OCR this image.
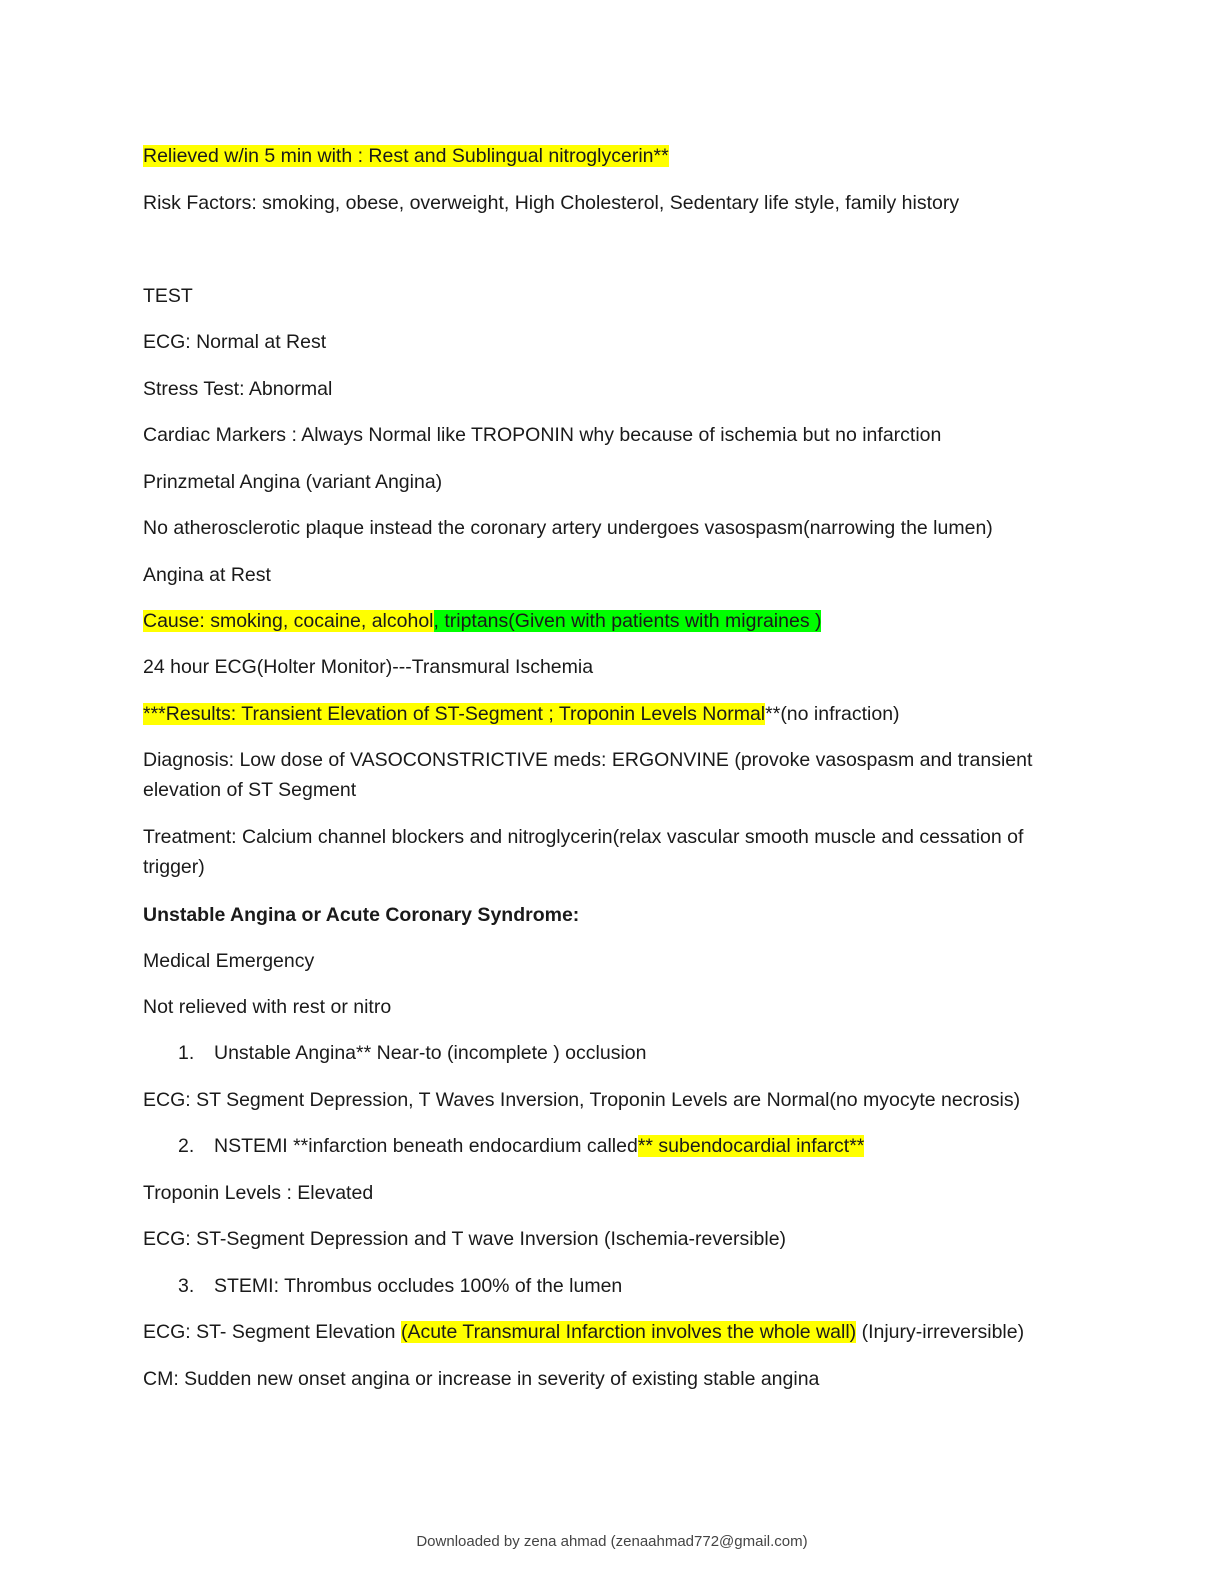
Relieved w/in 5 min with : Rest and Sublingual nitroglycerin**
Risk Factors: smoking, obese, overweight, High Cholesterol, Sedentary life style, family history
TEST
ECG: Normal at Rest
Stress Test: Abnormal
Cardiac Markers : Always Normal like TROPONIN why because of ischemia but no infarction
Prinzmetal Angina (variant Angina)
No atherosclerotic plaque instead the coronary artery undergoes vasospasm(narrowing the lumen)
Angina at Rest
Cause: smoking, cocaine, alcohol, triptans(Given with patients with migraines )
24 hour ECG(Holter Monitor)---Transmural Ischemia
***Results: Transient Elevation of ST-Segment ; Troponin Levels Normal**(no infraction)
Diagnosis: Low dose of VASOCONSTRICTIVE meds: ERGONVINE (provoke vasospasm and transient elevation of ST Segment
Treatment: Calcium channel blockers and nitroglycerin(relax vascular smooth muscle and cessation of trigger)
Unstable Angina or Acute Coronary Syndrome:
Medical Emergency
Not relieved with rest or nitro
1. Unstable Angina** Near-to (incomplete ) occlusion
ECG: ST Segment Depression, T Waves Inversion, Troponin Levels are Normal(no myocyte necrosis)
2. NSTEMI **infarction beneath endocardium called** subendocardial infarct**
Troponin Levels : Elevated
ECG: ST-Segment Depression and T wave Inversion (Ischemia-reversible)
3. STEMI: Thrombus occludes 100% of the lumen
ECG: ST- Segment Elevation (Acute Transmural Infarction involves the whole wall) (Injury-irreversible)
CM: Sudden new onset angina or increase in severity of existing stable angina
Downloaded by zena ahmad (zenaahmad772@gmail.com)
